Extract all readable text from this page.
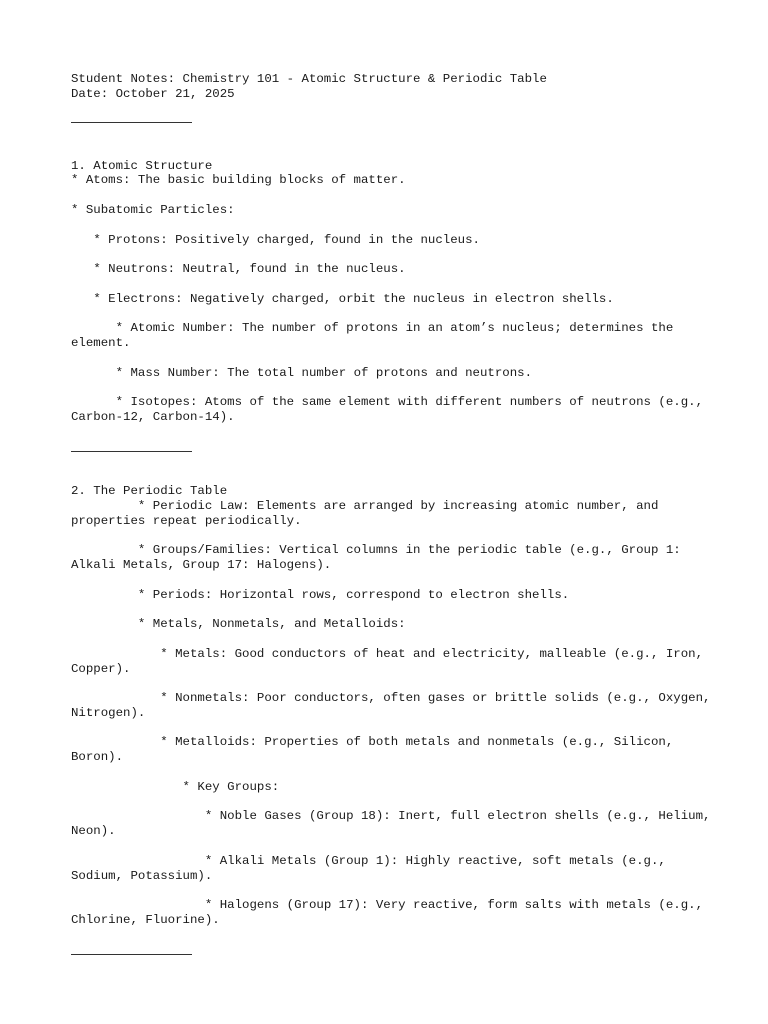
Student Notes: Chemistry 101 - Atomic Structure & Periodic Table

Date: October 21, 2025

1. Atomic Structure

* Atoms: The basic building blocks of matter.

* Subatomic Particles:

* Protons: Positively charged, found in the nucleus.

* Neutrons: Neutral, found in the nucleus.

* Electrons: Negatively charged, orbit the nucleus in electron shells.

* Atomic Number: The number of protons in an atom’s nucleus; determines the element.

* Mass Number: The total number of protons and neutrons.

* Isotopes: Atoms of the same element with different numbers of neutrons (e.g., Carbon-12, Carbon-14).

2. The Periodic Table

* Periodic Law: Elements are arranged by increasing atomic number, and properties repeat periodically.

* Groups/Families: Vertical columns in the periodic table (e.g., Group 1: Alkali Metals, Group 17: Halogens).

* Periods: Horizontal rows, correspond to electron shells.

* Metals, Nonmetals, and Metalloids:

* Metals: Good conductors of heat and electricity, malleable (e.g., Iron, Copper).

* Nonmetals: Poor conductors, often gases or brittle solids (e.g., Oxygen, Nitrogen).

* Metalloids: Properties of both metals and nonmetals (e.g., Silicon, Boron).

* Key Groups:

* Noble Gases (Group 18): Inert, full electron shells (e.g., Helium, Neon).

* Alkali Metals (Group 1): Highly reactive, soft metals (e.g., Sodium, Potassium).

* Halogens (Group 17): Very reactive, form salts with metals (e.g., Chlorine, Fluorine).
